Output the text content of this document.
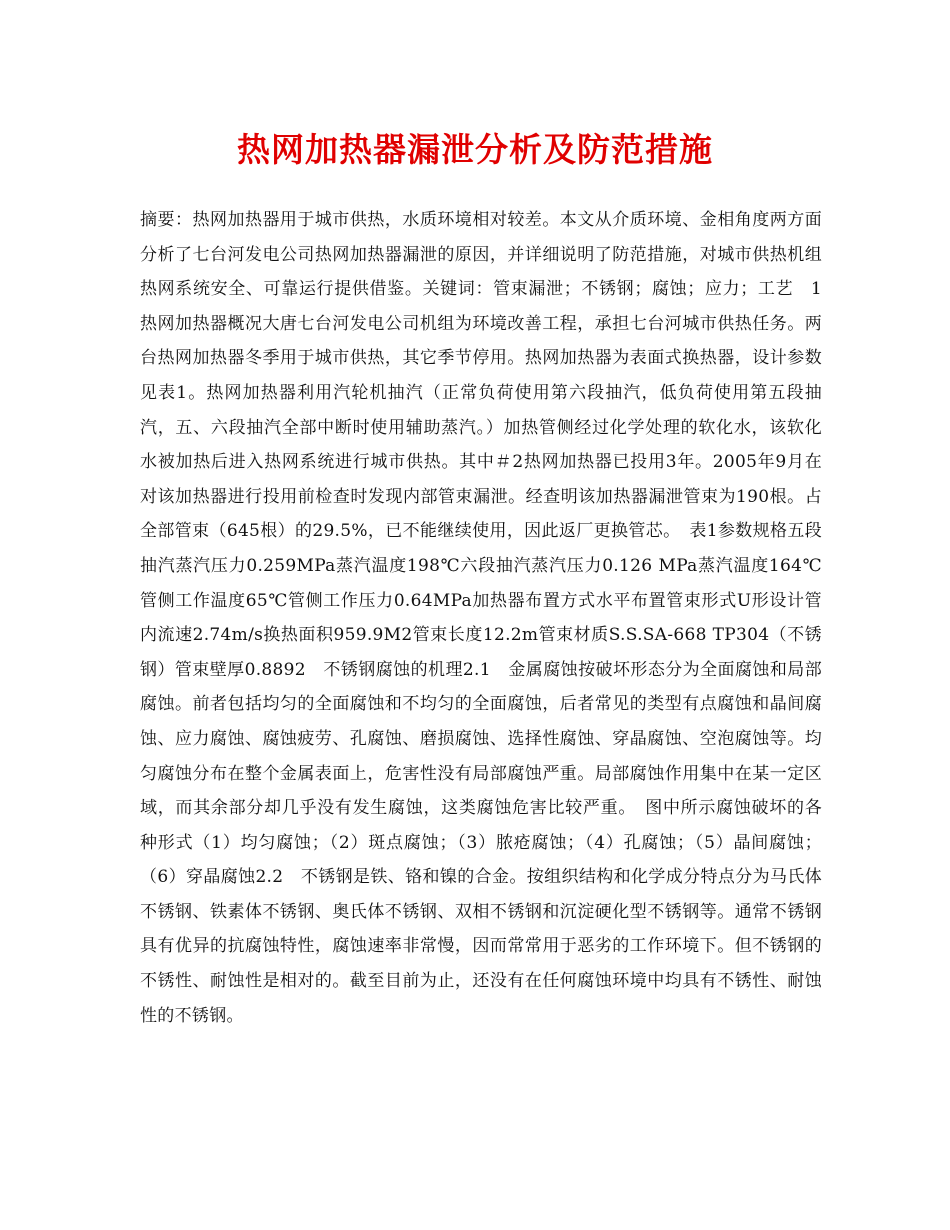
热网加热器漏泄分析及防范措施

摘要：热网加热器用于城市供热，水质环境相对较差。本文从介质环境、金相角度两方面分析了七台河发电公司热网加热器漏泄的原因，并详细说明了防范措施，对城市供热机组热网系统安全、可靠运行提供借鉴。关键词：管束漏泄；不锈钢；腐蚀；应力；工艺　1　热网加热器概况大唐七台河发电公司机组为环境改善工程，承担七台河城市供热任务。两台热网加热器冬季用于城市供热，其它季节停用。热网加热器为表面式换热器，设计参数见表1。热网加热器利用汽轮机抽汽（正常负荷使用第六段抽汽，低负荷使用第五段抽汽，五、六段抽汽全部中断时使用辅助蒸汽。）加热管侧经过化学处理的软化水，该软化水被加热后进入热网系统进行城市供热。其中＃2热网加热器已投用3年。2005年9月在对该加热器进行投用前检查时发现内部管束漏泄。经查明该加热器漏泄管束为190根。占全部管束（645根）的29.5%，已不能继续使用，因此返厂更换管芯。　表1参数规格五段抽汽蒸汽压力0.259MPa蒸汽温度198℃六段抽汽蒸汽压力0.126 MPa蒸汽温度164℃管侧工作温度65℃管侧工作压力0.64MPa加热器布置方式水平布置管束形式U形设计管内流速2.74m/s换热面积959.9M2管束长度12.2m管束材质S.S.SA-668 TP304（不锈钢）管束壁厚0.8892　不锈钢腐蚀的机理2.1　金属腐蚀按破坏形态分为全面腐蚀和局部腐蚀。前者包括均匀的全面腐蚀和不均匀的全面腐蚀，后者常见的类型有点腐蚀和晶间腐蚀、应力腐蚀、腐蚀疲劳、孔腐蚀、磨损腐蚀、选择性腐蚀、穿晶腐蚀、空泡腐蚀等。均匀腐蚀分布在整个金属表面上，危害性没有局部腐蚀严重。局部腐蚀作用集中在某一定区域，而其余部分却几乎没有发生腐蚀，这类腐蚀危害比较严重。　图中所示腐蚀破坏的各种形式（1）均匀腐蚀；（2）斑点腐蚀；（3）脓疮腐蚀；（4）孔腐蚀；（5）晶间腐蚀；（6）穿晶腐蚀2.2　不锈钢是铁、铬和镍的合金。按组织结构和化学成分特点分为马氏体不锈钢、铁素体不锈钢、奥氏体不锈钢、双相不锈钢和沉淀硬化型不锈钢等。通常不锈钢具有优异的抗腐蚀特性，腐蚀速率非常慢，因而常常用于恶劣的工作环境下。但不锈钢的不锈性、耐蚀性是相对的。截至目前为止，还没有在任何腐蚀环境中均具有不锈性、耐蚀性的不锈钢。
